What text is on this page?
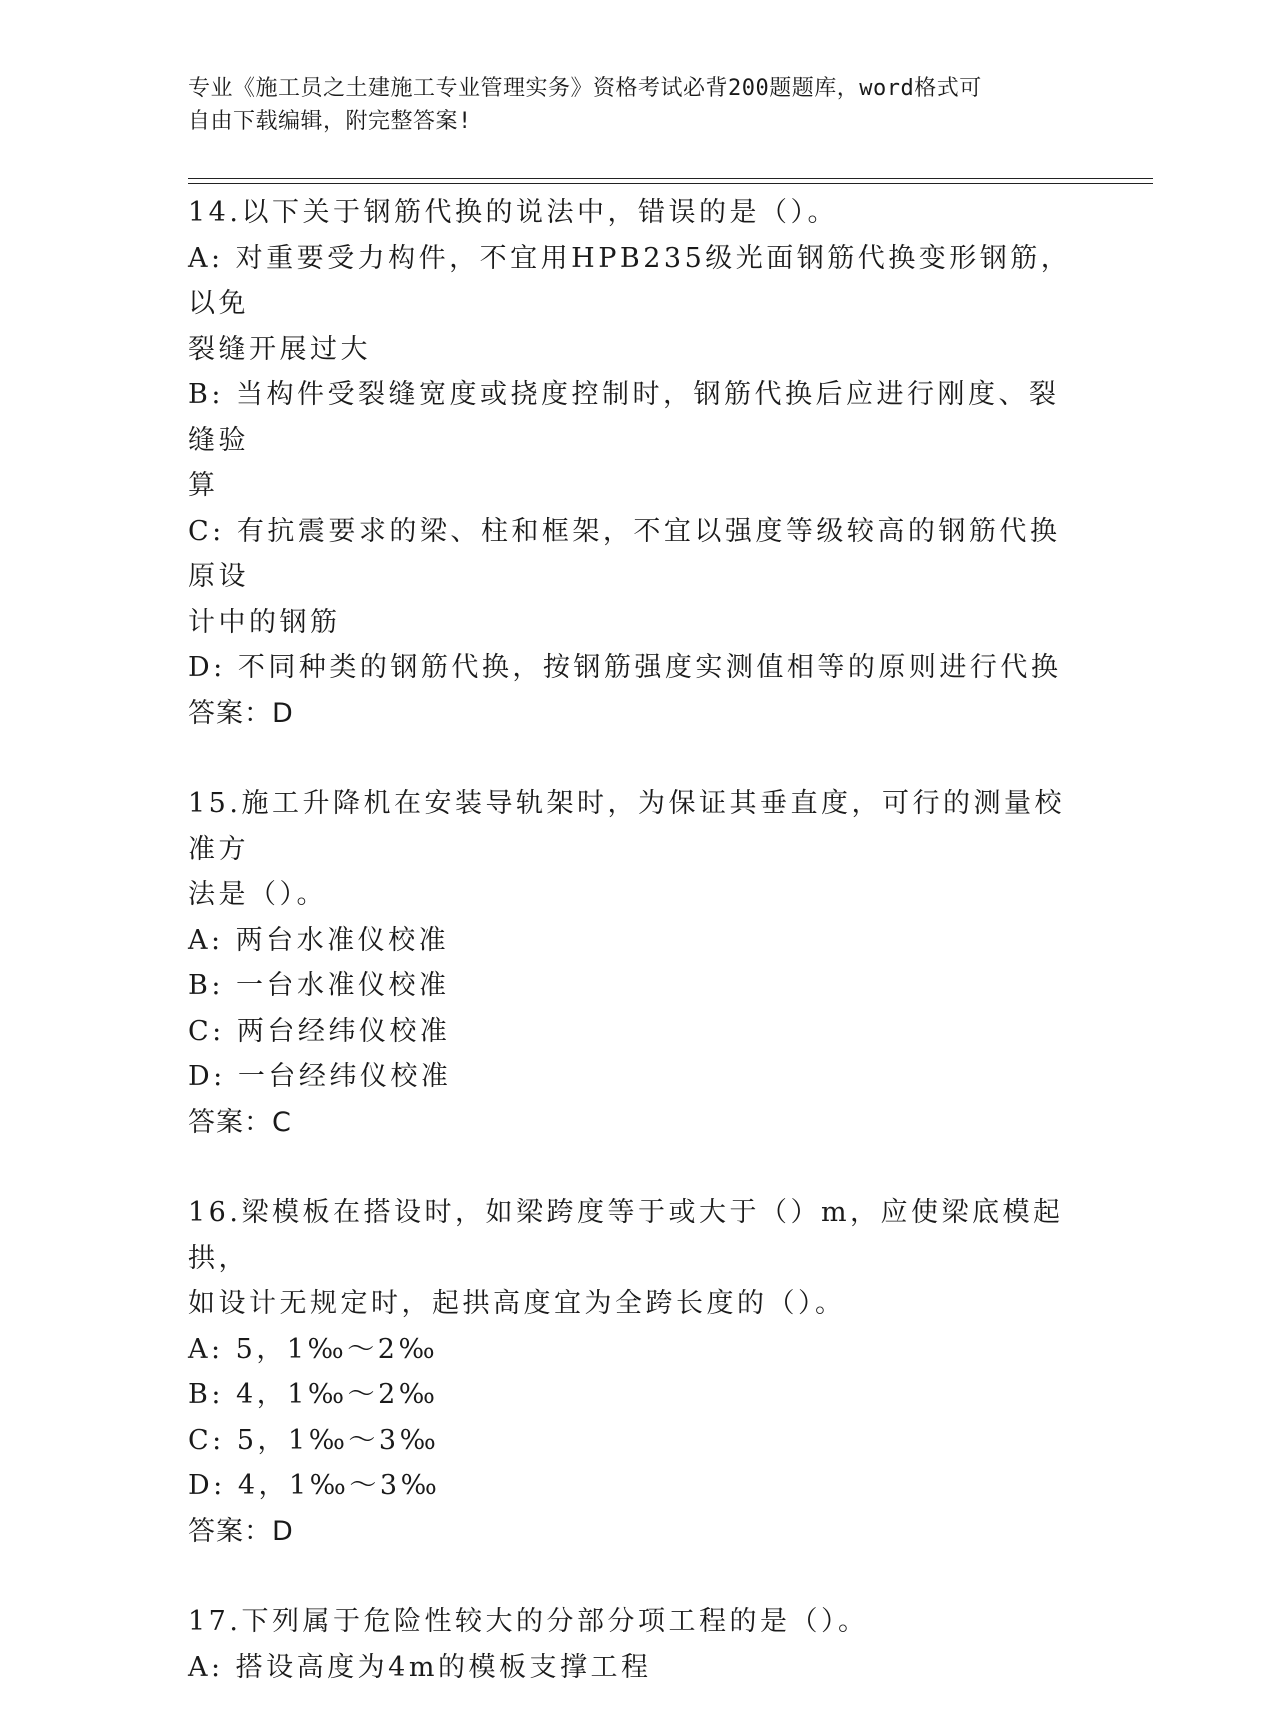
专业《施工员之土建施工专业管理实务》资格考试必背200题题库，word格式可
自由下载编辑，附完整答案!
14.以下关于钢筋代换的说法中，错误的是（）。
A: 对重要受力构件，不宜用HPB235级光面钢筋代换变形钢筋，以免
裂缝开展过大
B: 当构件受裂缝宽度或挠度控制时，钢筋代换后应进行刚度、裂缝验
算
C: 有抗震要求的梁、柱和框架，不宜以强度等级较高的钢筋代换原设
计中的钢筋
D: 不同种类的钢筋代换，按钢筋强度实测值相等的原则进行代换
答案：D
15.施工升降机在安装导轨架时，为保证其垂直度，可行的测量校准方
法是（）。
A: 两台水准仪校准
B: 一台水准仪校准
C: 两台经纬仪校准
D: 一台经纬仪校准
答案：C
16.梁模板在搭设时，如梁跨度等于或大于（）m，应使梁底模起拱，
如设计无规定时，起拱高度宜为全跨长度的（）。
A: 5，1‰～2‰
B: 4，1‰～2‰
C: 5，1‰～3‰
D: 4，1‰～3‰
答案：D
17.下列属于危险性较大的分部分项工程的是（）。
A: 搭设高度为4m的模板支撑工程
